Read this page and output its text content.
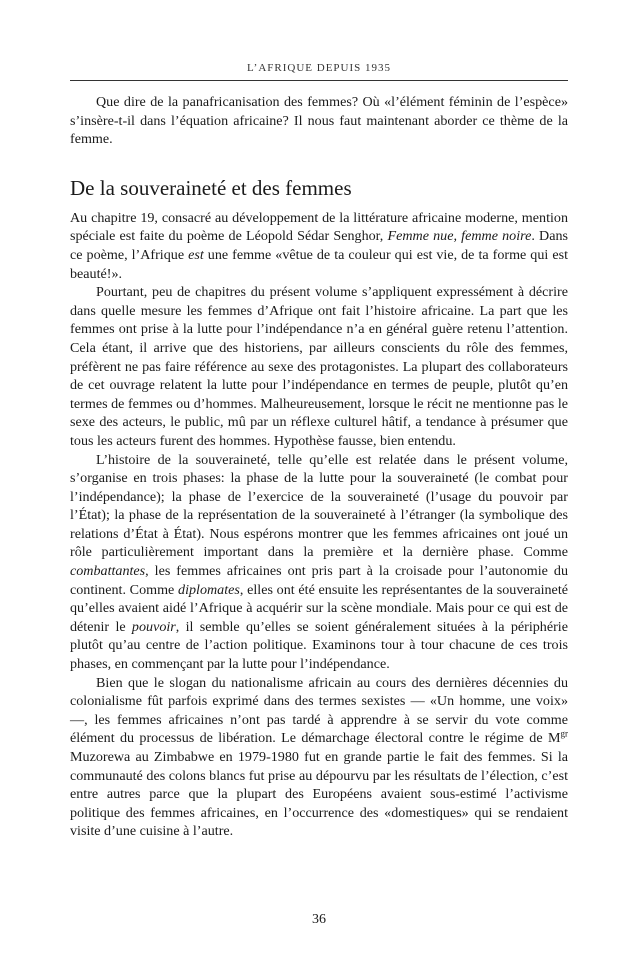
L’AFRIQUE DEPUIS 1935

Que dire de la panafricanisation des femmes? Où «l’élément féminin de l’espèce» s’insère-t-il dans l’équation africaine? Il nous faut maintenant aborder ce thème de la femme.

De la souveraineté et des femmes

Au chapitre 19, consacré au développement de la littérature africaine moderne, mention spéciale est faite du poème de Léopold Sédar Senghor, Femme nue, femme noire. Dans ce poème, l’Afrique est une femme «vêtue de ta couleur qui est vie, de ta forme qui est beauté!».

Pourtant, peu de chapitres du présent volume s’appliquent expressément à décrire dans quelle mesure les femmes d’Afrique ont fait l’histoire africaine. La part que les femmes ont prise à la lutte pour l’indépendance n’a en général guère retenu l’attention. Cela étant, il arrive que des historiens, par ailleurs conscients du rôle des femmes, préfèrent ne pas faire référence au sexe des protagonistes. La plupart des collaborateurs de cet ouvrage relatent la lutte pour l’indépendance en termes de peuple, plutôt qu’en termes de femmes ou d’hommes. Malheureusement, lorsque le récit ne mentionne pas le sexe des acteurs, le public, mû par un réflexe culturel hâtif, a tendance à présumer que tous les acteurs furent des hommes. Hypothèse fausse, bien entendu.

L’histoire de la souveraineté, telle qu’elle est relatée dans le présent volume, s’organise en trois phases: la phase de la lutte pour la souveraineté (le combat pour l’indépendance); la phase de l’exercice de la souveraineté (l’usage du pouvoir par l’État); la phase de la représentation de la souveraineté à l’étranger (la symbolique des relations d’État à État). Nous espérons montrer que les femmes africaines ont joué un rôle particulièrement important dans la première et la dernière phase. Comme combattantes, les femmes africaines ont pris part à la croisade pour l’autonomie du continent. Comme diplomates, elles ont été ensuite les représentantes de la souveraineté qu’elles avaient aidé l’Afrique à acquérir sur la scène mondiale. Mais pour ce qui est de détenir le pouvoir, il semble qu’elles se soient généralement situées à la périphérie plutôt qu’au centre de l’action politique. Examinons tour à tour chacune de ces trois phases, en commençant par la lutte pour l’indépendance.

Bien que le slogan du nationalisme africain au cours des dernières décennies du colonialisme fût parfois exprimé dans des termes sexistes — «Un homme, une voix» —, les femmes africaines n’ont pas tardé à apprendre à se servir du vote comme élément du processus de libération. Le démarchage électoral contre le régime de $M^{gr}$ Muzorewa au Zimbabwe en 1979-1980 fut en grande partie le fait des femmes. Si la communauté des colons blancs fut prise au dépourvu par les résultats de l’élection, c’est entre autres parce que la plupart des Européens avaient sous-estimé l’activisme politique des femmes africaines, en l’occurrence des «domestiques» qui se rendaient visite d’une cuisine à l’autre.

36
